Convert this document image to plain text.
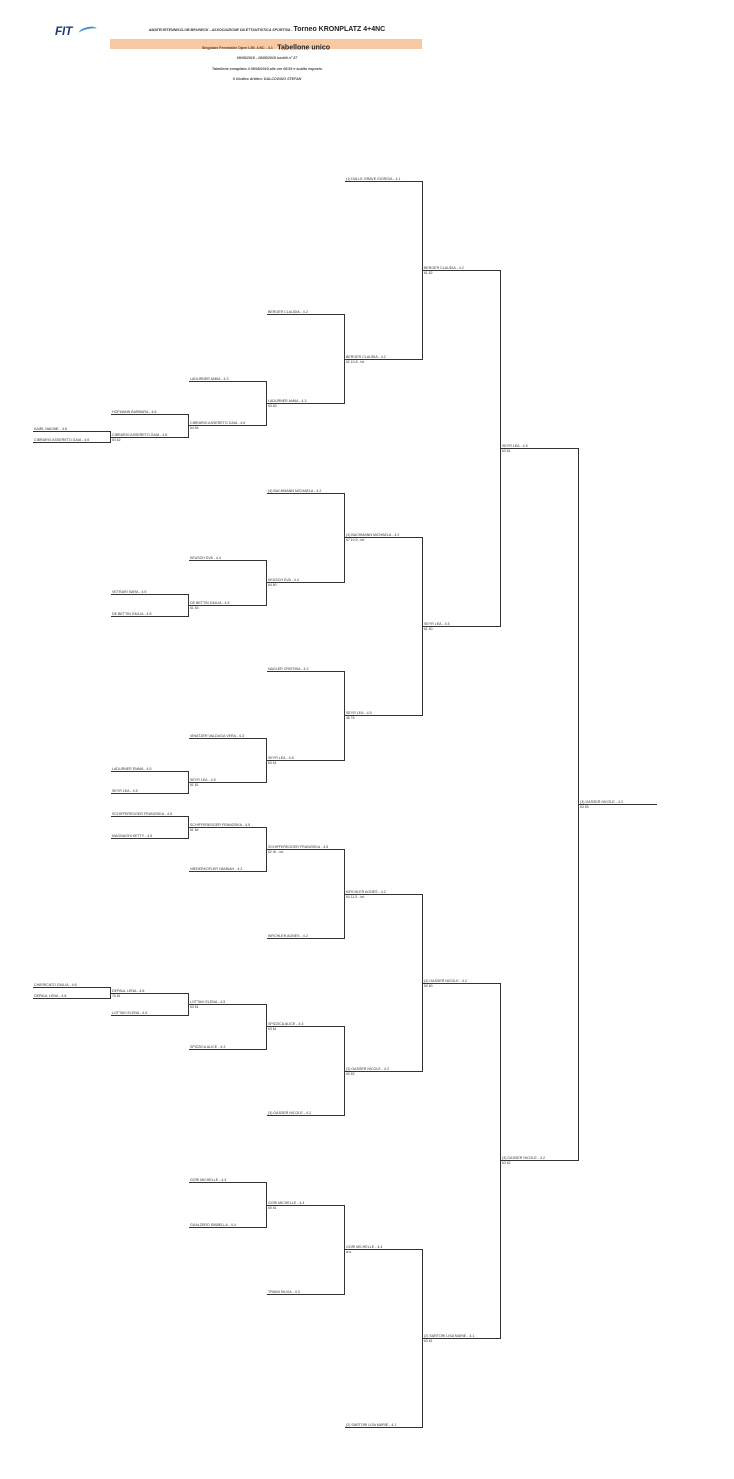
FIT	AMATEURTENNISCLUB BRUNECK - ASSOCIAZIONE DILETTANTISTICA SPORTIVA - Torneo KRONPLATZ 4+4NC
Singolare Femminile Open LIM. 4.NC - 4.1 Tabellone unico
09/08/2019 - 18/08/2019 iscritti n° 27
Tabellone compilato il 09/08/2019 alle ore 08:53 e subito esposto
Il Giudice Arbitro: DALCOGGIO STEFAN
KAIRL NADINE - 4.6
CIBRARIO ASSERETO GAIA - 4.6
CHIERICATO GIULIA - 4.6
DEPAUL LENA - 4.6
HOFMANN BARBARA - 4.6
CIBRARIO ASSERETO GAIA - 4.6
63 62
VETRARI SARA - 4.5
DE BETTIN GIULIA - 4.5
LADURNER EMMA - 4.5
SEYR LEA - 4.5
SCHIFFEREGGER FRANZISKA - 4.5
MAGNAGHI KETTY - 4.5
DEPAUL LENA - 4.6
76 61
LOTTAVI ELENA - 4.5
LADURNER ANNA - 4.3
CIBRARIO ASSERETO GAIA - 4.6
64 64
KEUSCH EVA - 4.4
DE BETTIN GIULIA - 4.5
61 63
VINATZER VALDUGA VERA - 4.3
SEYR LEA - 4.5
61 61
SCHIFFEREGGER FRANZISKA - 4.5
61 64
NIEDERKOFLER HANNAH - 4.3
LOTTAVI ELENA - 4.5
63 61
SPIZZICA ALICE - 4.3
GORI MICHELLE - 4.4
GUALZERO ISABELLA - 4.4
BERGER CLAUDIA - 4.2
LADURNER ANNA - 4.3
63 63
(4) BACHMANN MICHAELA - 4.2
KEUSCH EVA - 4.4
64 60
NAGLER CRISTINA - 4.2
SEYR LEA - 4.5
63 61
SCHIFFEREGGER FRANZISKA - 4.5
62 rit. - int.
KIRCHLER AGNES - 4.2
SPIZZICA ALICE - 4.3
63 61
(3) GASSER NICOLE - 4.2
GORI MICHELLE - 4.4
60 61
TRAINI SILVIA - 4.3
(1) DALLE GRAVE GIORGIA - 4.1
BERGER CLAUDIA - 4.2
62 10-8 - int.
(4) BACHMANN MICHAELA - 4.2
67 10-9 - int.
SEYR LEA - 4.5
46 76
KIRCHLER AGNES - 4.2
64 11-9 - int.
(3) GASSER NICOLE - 4.2
60 63
GORI MICHELLE - 4.4
w.o.
(2) SARTORI LISA MARIE - 4.1
BERGER CLAUDIA - 4.2
61 62
SEYR LEA - 4.5
61 60
(3) GASSER NICOLE - 4.2
60 60
(2) SARTORI LISA MARIE - 4.1
63 61
SEYR LEA - 4.5
63 61
(3) GASSER NICOLE - 4.2
63 62
(3) GASSER NICOLE - 4.2
63 63
